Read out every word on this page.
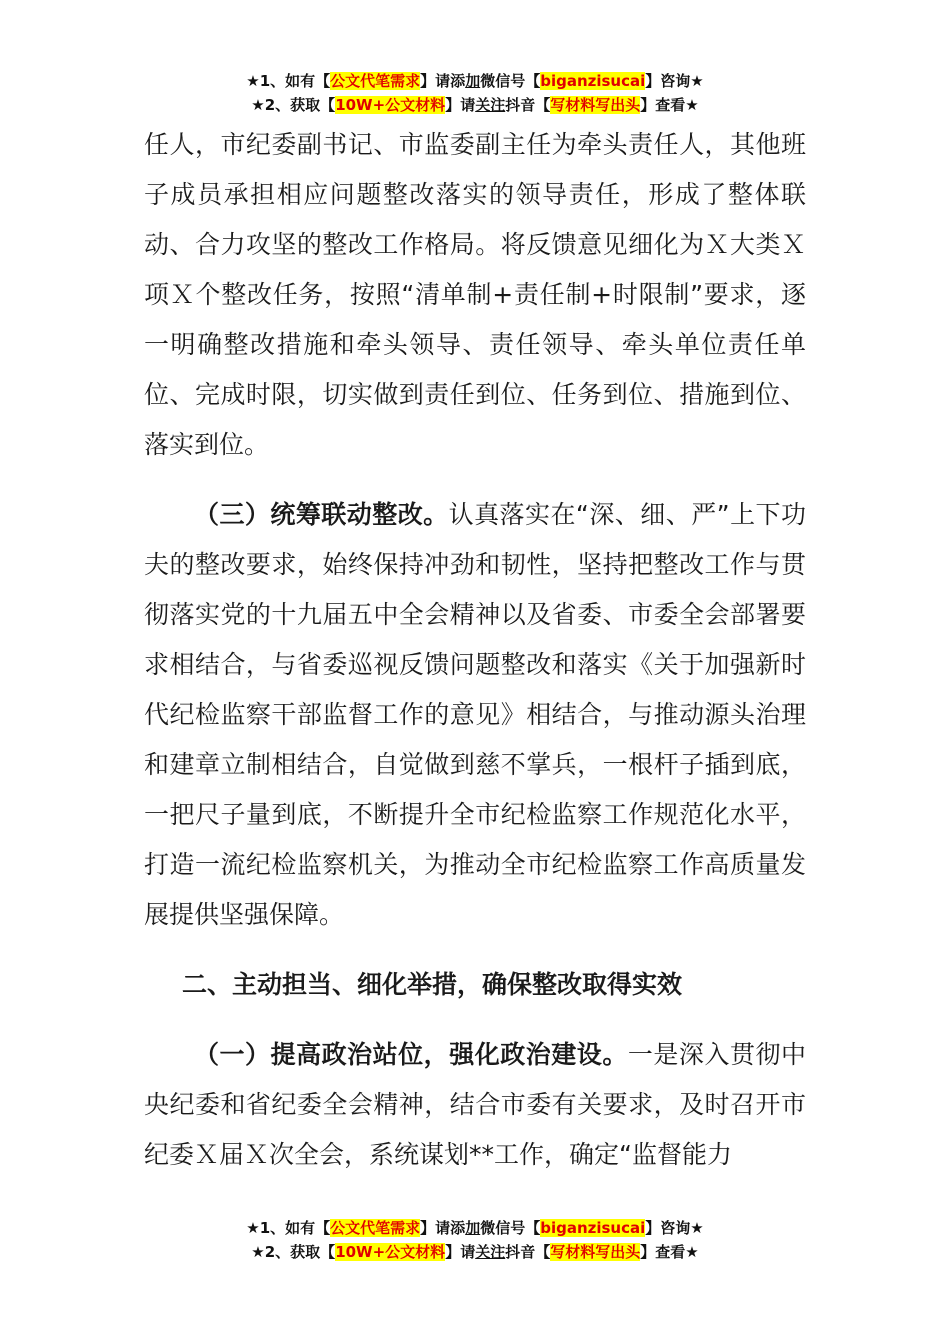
★1、如有【公文代笔需求】请添加微信号【biganzisucai】咨询★
★2、获取【10W+公文材料】请关注抖音【写材料写出头】查看★

任人，市纪委副书记、市监委副主任为牵头责任人，其他班子成员承担相应问题整改落实的领导责任，形成了整体联动、合力攻坚的整改工作格局。将反馈意见细化为Ｘ大类Ｘ项Ｘ个整改任务，按照“清单制+责任制+时限制”要求，逐一明确整改措施和牵头领导、责任领导、牵头单位责任单位、完成时限，切实做到责任到位、任务到位、措施到位、落实到位。

（三）统筹联动整改。认真落实在“深、细、严”上下功夫的整改要求，始终保持冲劲和韧性，坚持把整改工作与贯彻落实党的十九届五中全会精神以及省委、市委全会部署要求相结合，与省委巡视反馈问题整改和落实《关于加强新时代纪检监察干部监督工作的意见》相结合，与推动源头治理和建章立制相结合，自觉做到慈不掌兵，一根杆子插到底，一把尺子量到底，不断提升全市纪检监察工作规范化水平，打造一流纪检监察机关，为推动全市纪检监察工作高质量发展提供坚强保障。

二、主动担当、细化举措，确保整改取得实效

（一）提高政治站位，强化政治建设。一是深入贯彻中央纪委和省纪委全会精神，结合市委有关要求，及时召开市纪委Ｘ届Ｘ次全会，系统谋划**工作，确定“监督能力

★1、如有【公文代笔需求】请添加微信号【biganzisucai】咨询★
★2、获取【10W+公文材料】请关注抖音【写材料写出头】查看★
